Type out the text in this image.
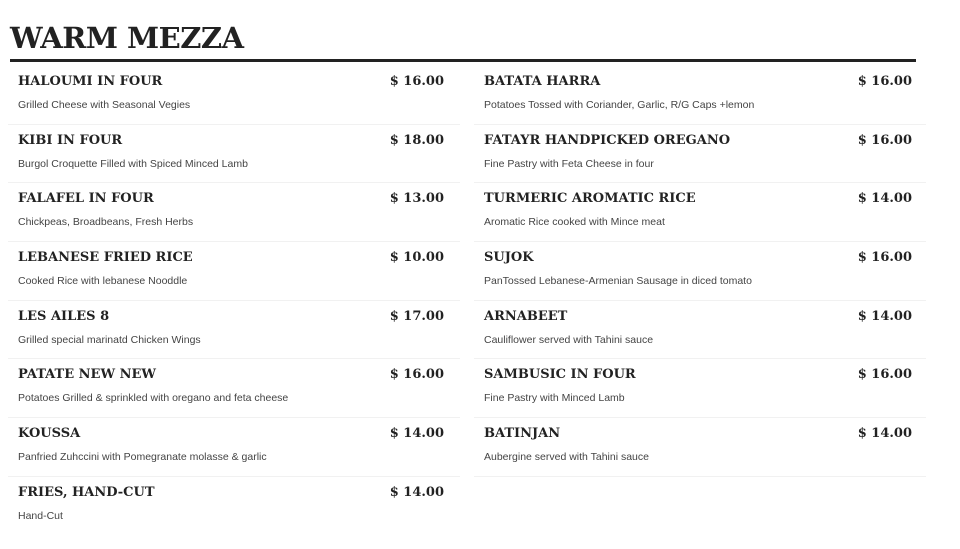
WARM MEZZA
HALOUMI IN FOUR	$ 16.00
Grilled Cheese with Seasonal Vegies
KIBI IN FOUR	$ 18.00
Burgol Croquette Filled with Spiced Minced Lamb
FALAFEL IN FOUR	$ 13.00
Chickpeas, Broadbeans, Fresh Herbs
LEBANESE FRIED RICE	$ 10.00
Cooked Rice with lebanese Nooddle
LES AILES 8	$ 17.00
Grilled special marinatd Chicken Wings
PATATE NEW NEW	$ 16.00
Potatoes Grilled & sprinkled with oregano and feta cheese
KOUSSA	$ 14.00
Panfried Zuhccini with Pomegranate molasse & garlic
FRIES, HAND-CUT	$ 14.00
Hand-Cut
BATATA HARRA	$ 16.00
Potatoes Tossed with Coriander, Garlic, R/G Caps +lemon
FATAYR HANDPICKED OREGANO	$ 16.00
Fine Pastry with Feta Cheese in four
TURMERIC AROMATIC RICE	$ 14.00
Aromatic Rice cooked with Mince meat
SUJOK	$ 16.00
PanTossed Lebanese-Armenian Sausage in diced tomato
ARNABEET	$ 14.00
Cauliflower served with Tahini sauce
SAMBUSIC IN FOUR	$ 16.00
Fine Pastry with Minced Lamb
BATINJAN	$ 14.00
Aubergine served with Tahini sauce
